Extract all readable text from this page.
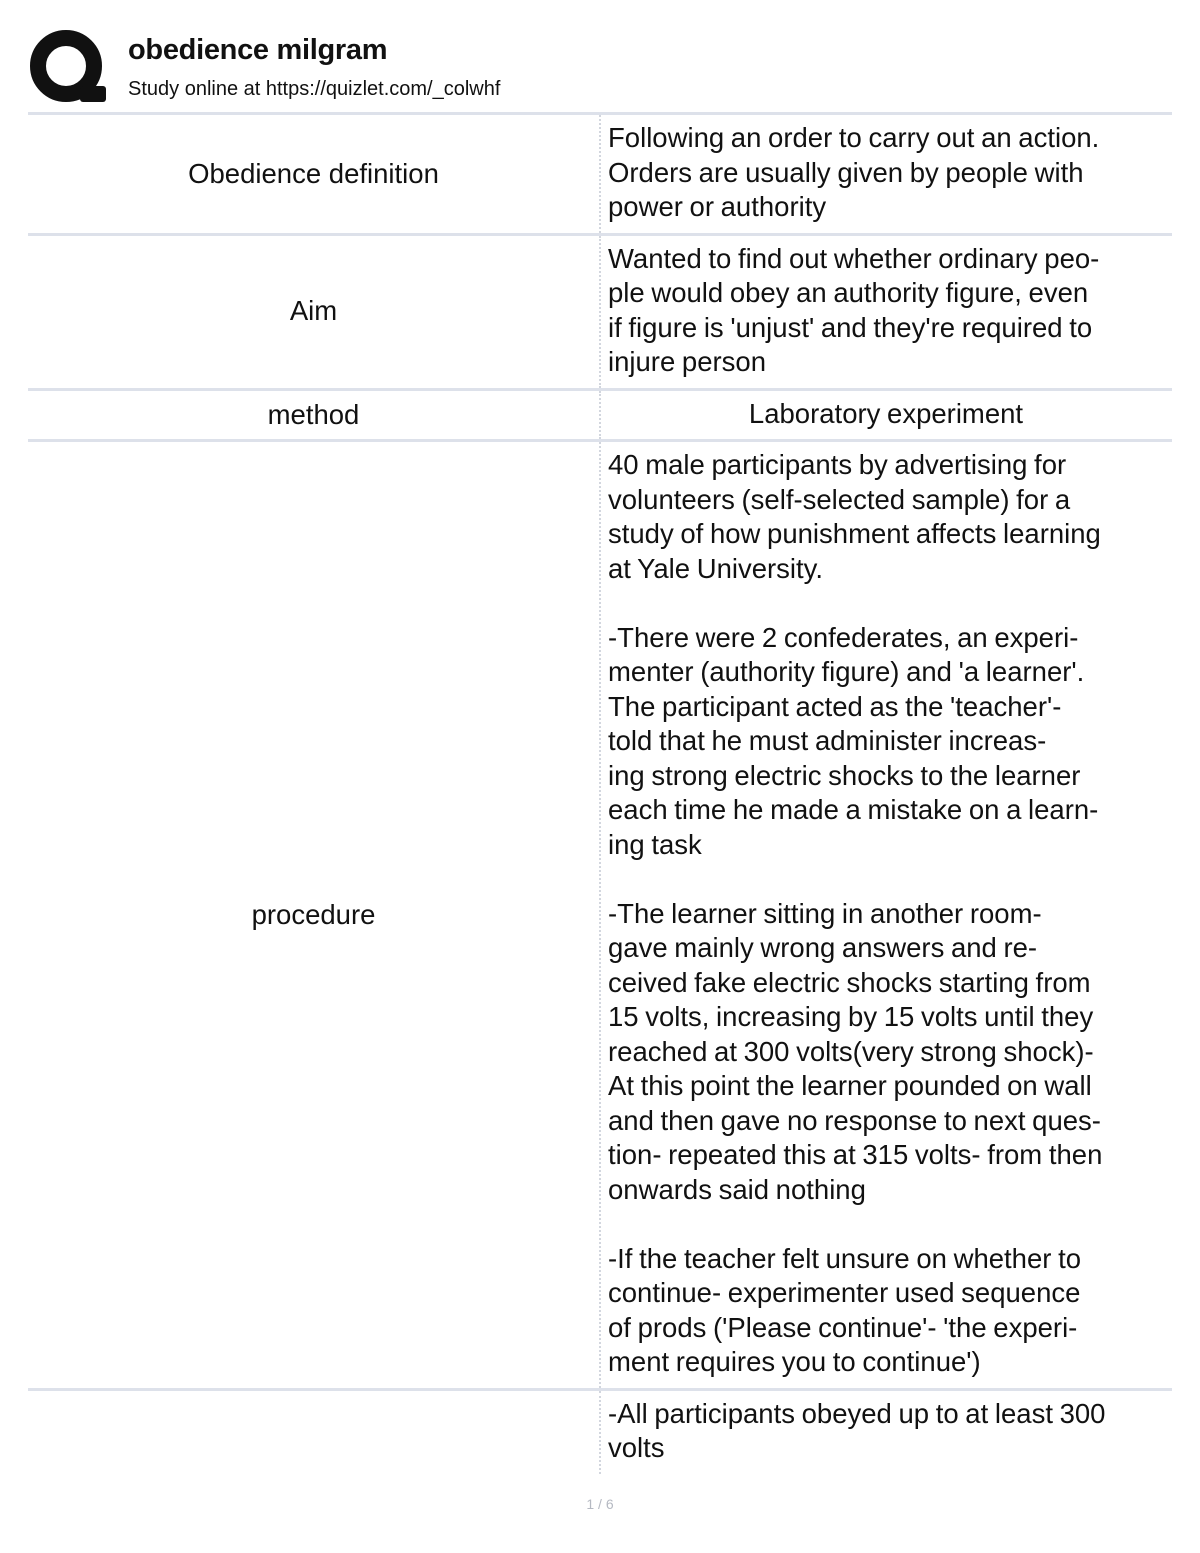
obedience milgram
Study online at https://quizlet.com/_colwhf
Obedience definition
Following an order to carry out an action.
Orders are usually given by people with
power or authority
Aim
Wanted to find out whether ordinary peo-
ple would obey an authority figure, even
if figure is 'unjust' and they're required to
injure person
method	Laboratory experiment
procedure
40 male participants by advertising for
volunteers (self-selected sample) for a
study of how punishment affects learning
at Yale University.

-There were 2 confederates, an experi-
menter (authority figure) and 'a learner'.
The participant acted as the 'teacher'-
told that he must administer increas-
ing strong electric shocks to the learner
each time he made a mistake on a learn-
ing task

-The learner sitting in another room-
gave mainly wrong answers and re-
ceived fake electric shocks starting from
15 volts, increasing by 15 volts until they
reached at 300 volts(very strong shock)-
At this point the learner pounded on wall
and then gave no response to next ques-
tion- repeated this at 315 volts- from then
onwards said nothing

-If the teacher felt unsure on whether to
continue- experimenter used sequence
of prods ('Please continue'- 'the experi-
ment requires you to continue')
-All participants obeyed up to at least 300
volts
1 / 6
